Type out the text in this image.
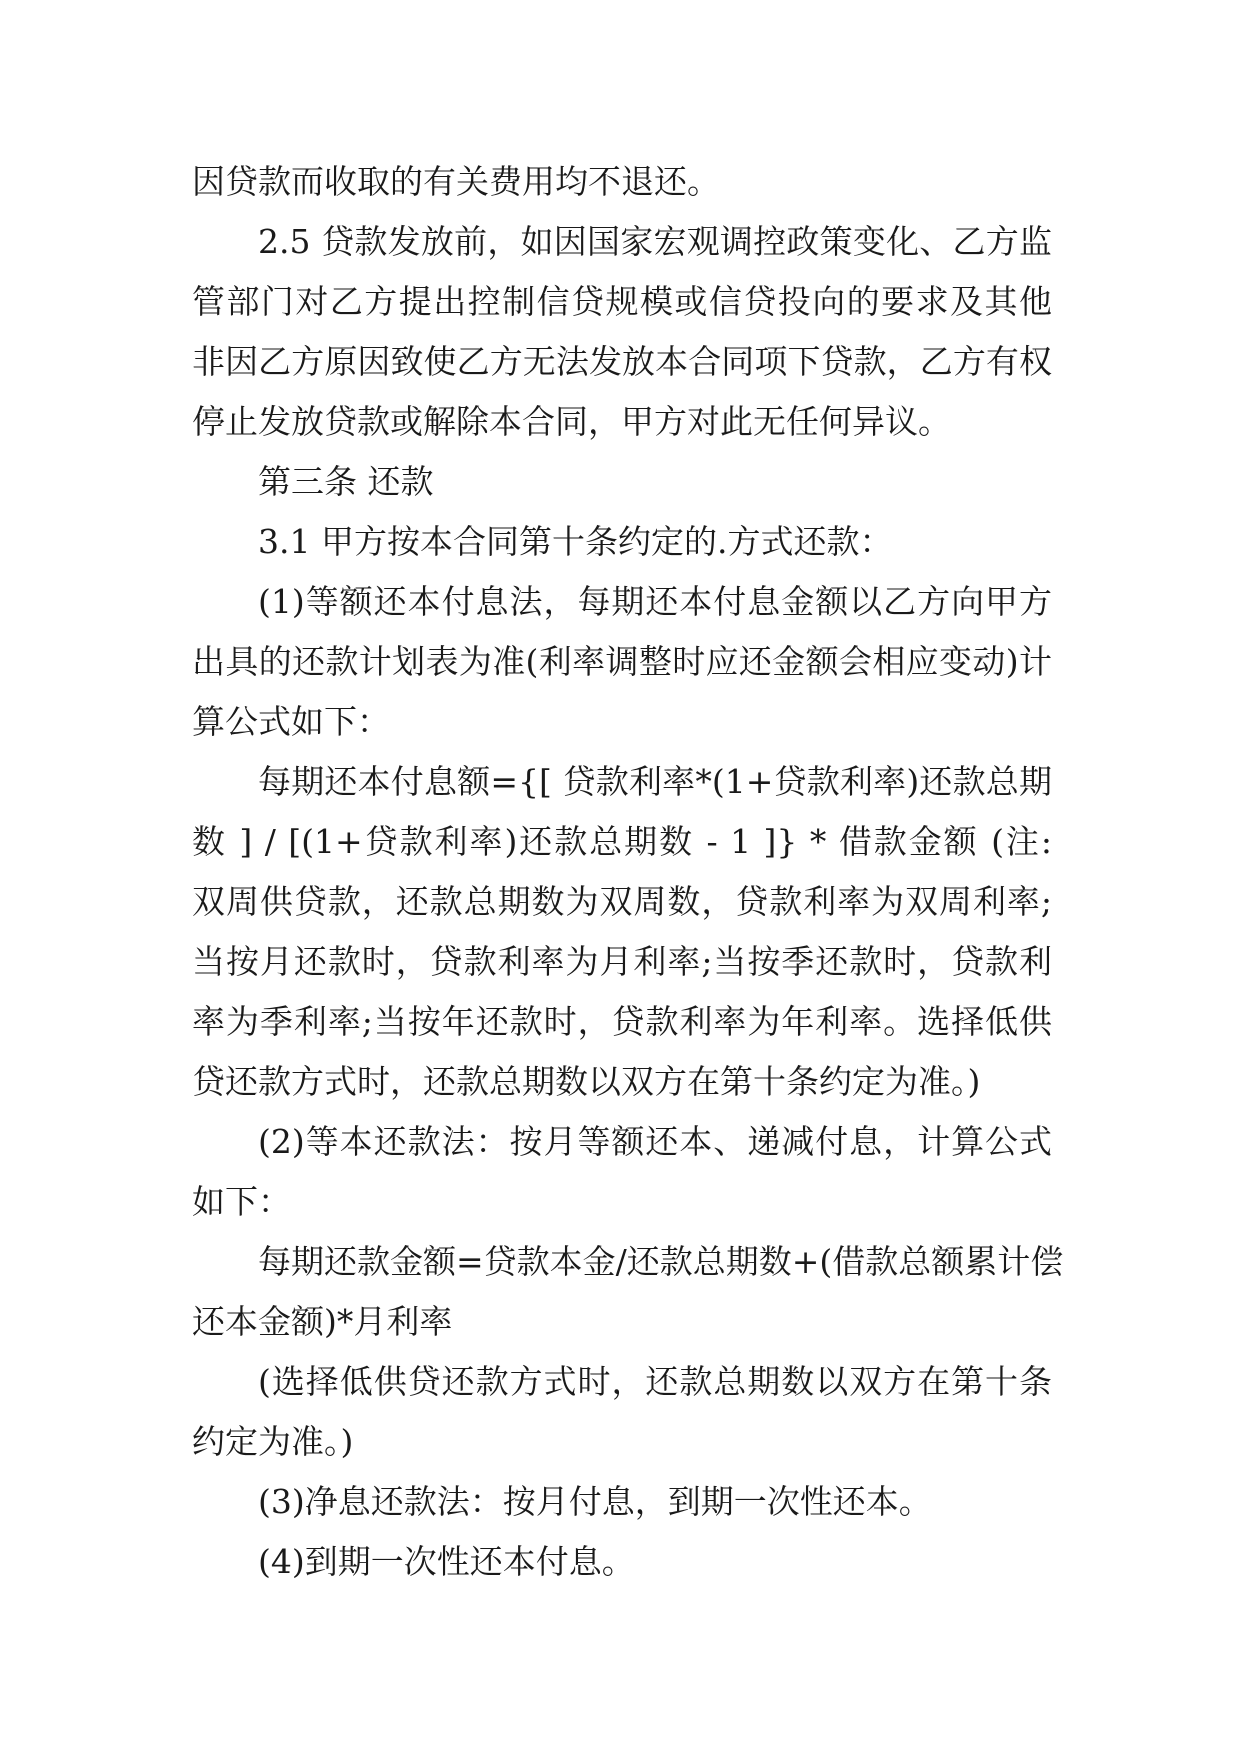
因贷款而收取的有关费用均不退还。
2.5 贷款发放前，如因国家宏观调控政策变化、乙方监
管部门对乙方提出控制信贷规模或信贷投向的要求及其他
非因乙方原因致使乙方无法发放本合同项下贷款，乙方有权
停止发放贷款或解除本合同，甲方对此无任何异议。
第三条 还款
3.1 甲方按本合同第十条约定的.方式还款：
(1)等额还本付息法，每期还本付息金额以乙方向甲方
出具的还款计划表为准(利率调整时应还金额会相应变动)计
算公式如下：
每期还本付息额={[ 贷款利率*(1+贷款利率)还款总期
数 ] / [(1+贷款利率)还款总期数 - 1 ]} * 借款金额 (注:
双周供贷款，还款总期数为双周数，贷款利率为双周利率;
当按月还款时，贷款利率为月利率;当按季还款时，贷款利
率为季利率;当按年还款时，贷款利率为年利率。选择低供
贷还款方式时，还款总期数以双方在第十条约定为准。)
(2)等本还款法：按月等额还本、递减付息，计算公式
如下：
每期还款金额=贷款本金/还款总期数+(借款总额累计偿
还本金额)*月利率
(选择低供贷还款方式时，还款总期数以双方在第十条
约定为准。)
(3)净息还款法：按月付息，到期一次性还本。
(4)到期一次性还本付息。
